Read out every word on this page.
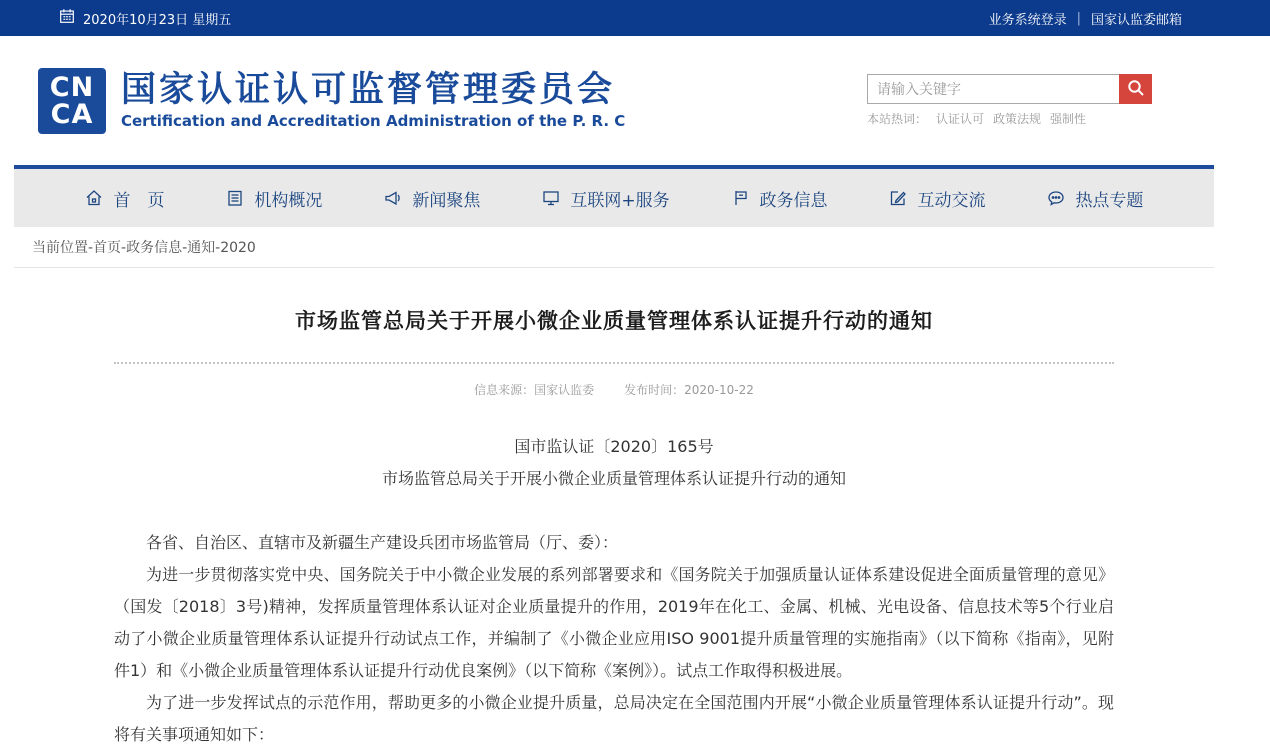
2020年10月23日 星期五	业务系统登录 | 国家认监委邮箱
CN
CA
国家认证认可监督管理委员会
Certification and Accreditation Administration of the P. R. C
请输入关键字	本站热词： 认证认可 政策法规 强制性
首　页	机构概况	新闻聚焦	互联网+服务	政务信息	互动交流	热点专题
当前位置-首页-政务信息-通知-2020
市场监管总局关于开展小微企业质量管理体系认证提升行动的通知
信息来源：国家认监委	发布时间：2020-10-22
国市监认证〔2020〕165号
市场监管总局关于开展小微企业质量管理体系认证提升行动的通知

各省、自治区、直辖市及新疆生产建设兵团市场监管局（厅、委）：

为进一步贯彻落实党中央、国务院关于中小微企业发展的系列部署要求和《国务院关于加强质量认证体系建设促进全面质量管理的意见》（国发〔2018〕3号)精神，发挥质量管理体系认证对企业质量提升的作用，2019年在化工、金属、机械、光电设备、信息技术等5个行业启动了小微企业质量管理体系认证提升行动试点工作，并编制了《小微企业应用ISO 9001提升质量管理的实施指南》（以下简称《指南》，见附件1）和《小微企业质量管理体系认证提升行动优良案例》（以下简称《案例》）。试点工作取得积极进展。

为了进一步发挥试点的示范作用，帮助更多的小微企业提升质量，总局决定在全国范围内开展“小微企业质量管理体系认证提升行动”。现将有关事项通知如下：
